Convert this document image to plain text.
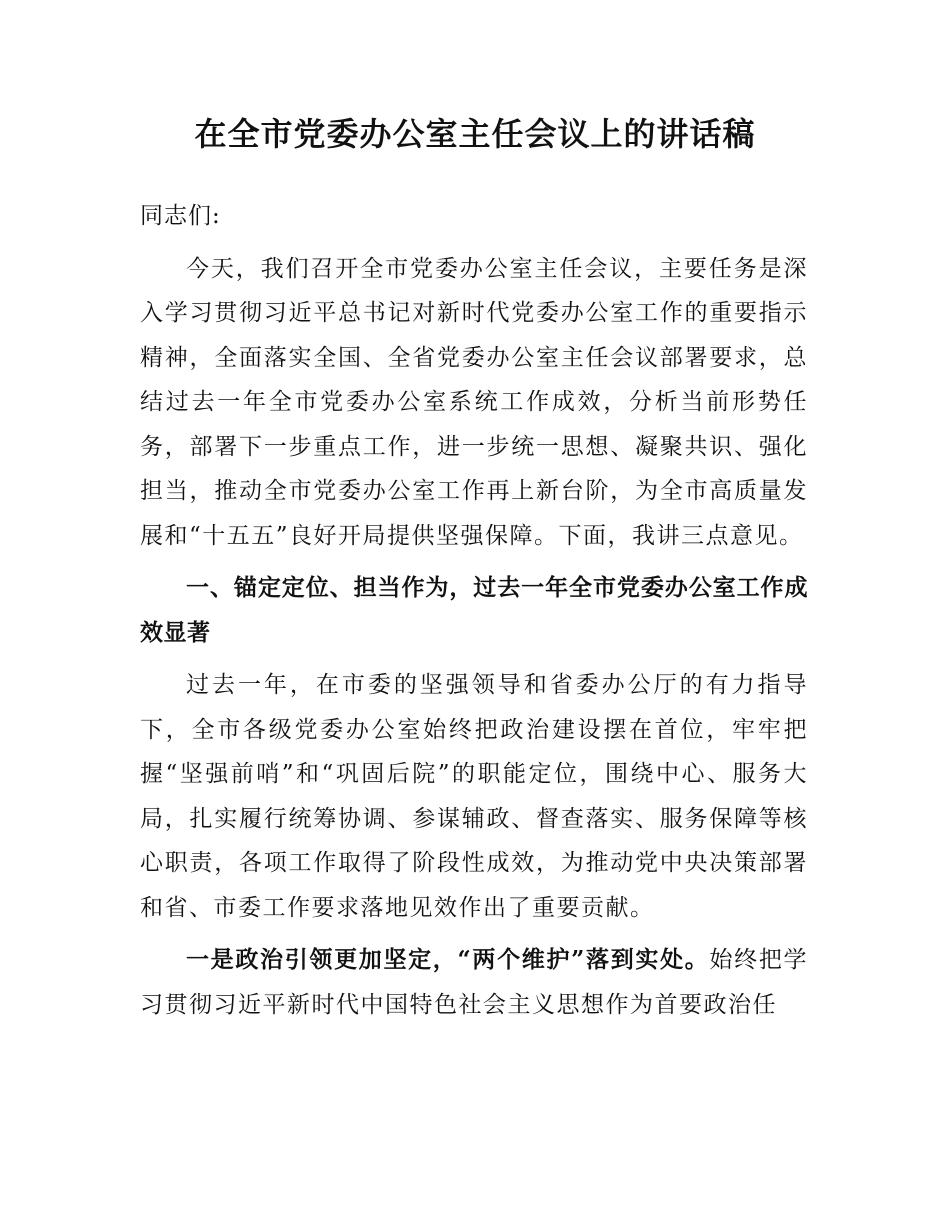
在全市党委办公室主任会议上的讲话稿

同志们:

今天，我们召开全市党委办公室主任会议，主要任务是深入学习贯彻习近平总书记对新时代党委办公室工作的重要指示精神，全面落实全国、全省党委办公室主任会议部署要求，总结过去一年全市党委办公室系统工作成效，分析当前形势任务，部署下一步重点工作，进一步统一思想、凝聚共识、强化担当，推动全市党委办公室工作再上新台阶，为全市高质量发展和“十五五”良好开局提供坚强保障。下面，我讲三点意见。

一、锚定定位、担当作为，过去一年全市党委办公室工作成效显著

过去一年，在市委的坚强领导和省委办公厅的有力指导下，全市各级党委办公室始终把政治建设摆在首位，牢牢把握“坚强前哨”和“巩固后院”的职能定位，围绕中心、服务大局，扎实履行统筹协调、参谋辅政、督查落实、服务保障等核心职责，各项工作取得了阶段性成效，为推动党中央决策部署和省、市委工作要求落地见效作出了重要贡献。

一是政治引领更加坚定，“两个维护”落到实处。始终把学习贯彻习近平新时代中国特色社会主义思想作为首要政治任
